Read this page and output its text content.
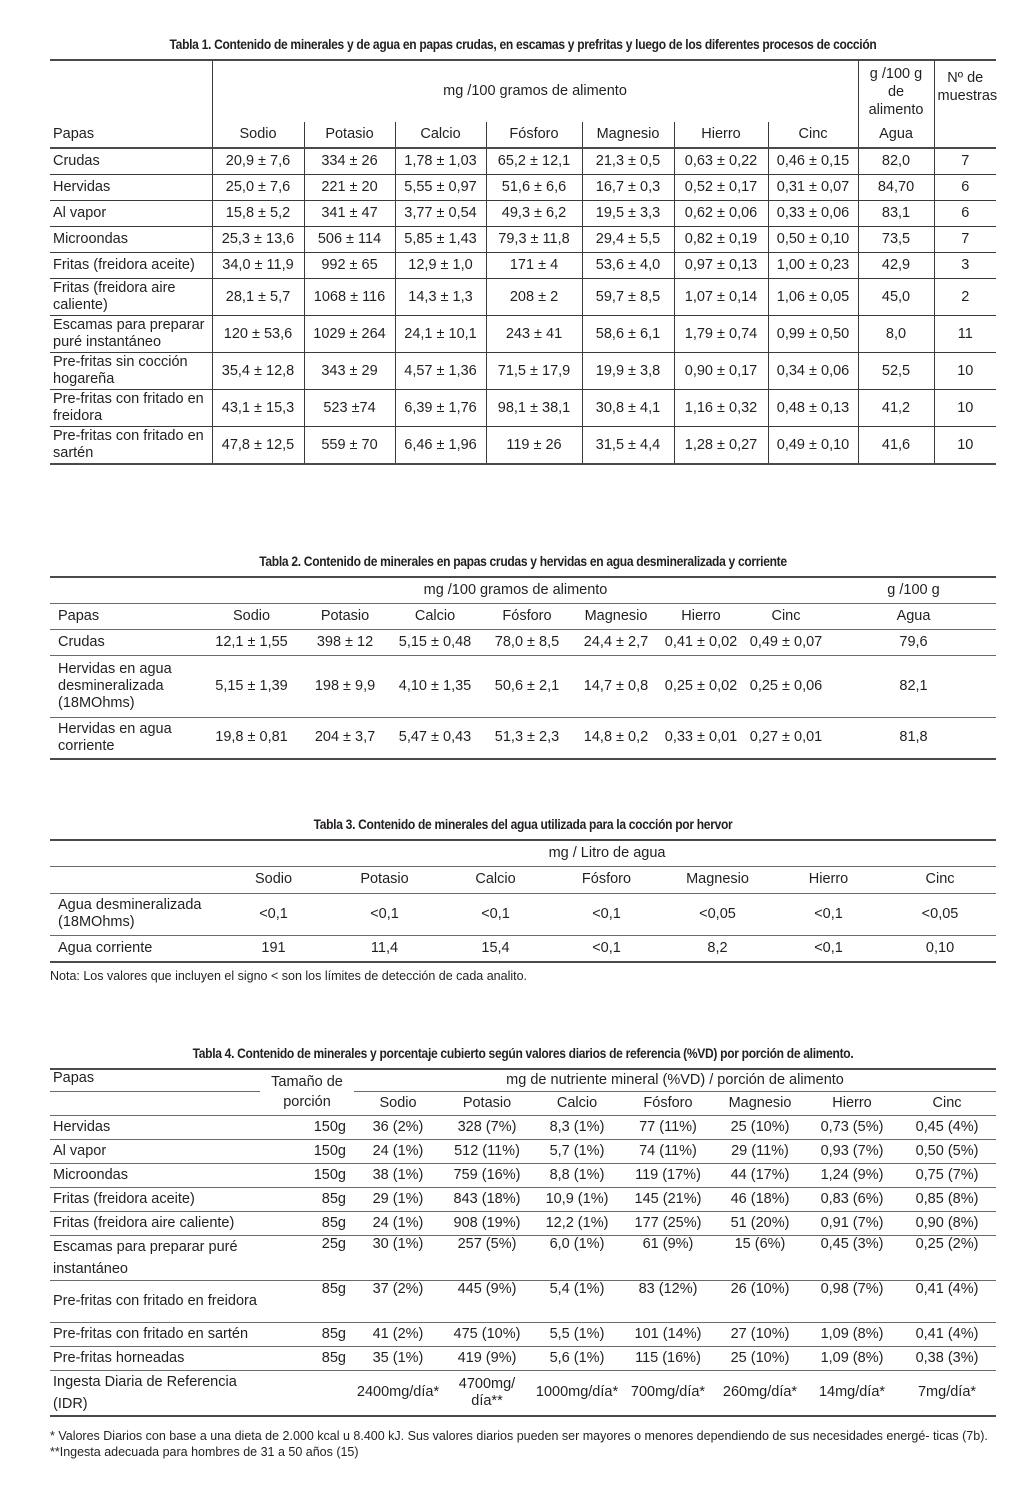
Tabla 1. Contenido de minerales y de agua en papas crudas, en escamas y prefritas y luego de los diferentes procesos de cocción
	mg /100 gramos de alimento							g /100 g de alimento	Nº de muestras
Papas	Sodio	Potasio	Calcio	Fósforo	Magnesio	Hierro	Cinc	Agua	
Crudas	20,9 ± 7,6	334 ± 26	1,78 ± 1,03	65,2 ± 12,1	21,3 ± 0,5	0,63 ± 0,22	0,46 ± 0,15	82,0	7
Hervidas	25,0 ± 7,6	221 ± 20	5,55 ± 0,97	51,6 ± 6,6	16,7 ± 0,3	0,52 ± 0,17	0,31 ± 0,07	84,70	6
Al vapor	15,8 ± 5,2	341 ± 47	3,77 ± 0,54	49,3 ± 6,2	19,5 ± 3,3	0,62 ± 0,06	0,33 ± 0,06	83,1	6
Microondas	25,3 ± 13,6	506 ± 114	5,85 ± 1,43	79,3 ± 11,8	29,4 ± 5,5	0,82 ± 0,19	0,50 ± 0,10	73,5	7
Fritas (freidora aceite)	34,0 ± 11,9	992 ± 65	12,9 ± 1,0	171 ± 4	53,6 ± 4,0	0,97 ± 0,13	1,00 ± 0,23	42,9	3
Fritas (freidora aire caliente)	28,1 ± 5,7	1068 ± 116	14,3 ± 1,3	208 ± 2	59,7 ± 8,5	1,07 ± 0,14	1,06 ± 0,05	45,0	2
Escamas para preparar puré instantáneo	120 ± 53,6	1029 ± 264	24,1 ± 10,1	243 ± 41	58,6 ± 6,1	1,79 ± 0,74	0,99 ± 0,50	8,0	11
Pre-fritas sin cocción hogareña	35,4 ± 12,8	343 ± 29	4,57 ± 1,36	71,5 ± 17,9	19,9 ± 3,8	0,90 ± 0,17	0,34 ± 0,06	52,5	10
Pre-fritas con fritado en freidora	43,1 ± 15,3	523 ±74	6,39 ± 1,76	98,1 ± 38,1	30,8 ± 4,1	1,16 ± 0,32	0,48 ± 0,13	41,2	10
Pre-fritas con fritado en sartén	47,8 ± 12,5	559 ± 70	6,46 ± 1,96	119 ± 26	31,5 ± 4,4	1,28 ± 0,27	0,49 ± 0,10	41,6	10
Tabla 2. Contenido de minerales en papas crudas y hervidas en agua desmineralizada y corriente
	mg /100 gramos de alimento							g /100 g
Papas	Sodio	Potasio	Calcio	Fósforo	Magnesio	Hierro	Cinc	Agua
Crudas	12,1 ± 1,55	398 ± 12	5,15 ± 0,48	78,0 ± 8,5	24,4 ± 2,7	0,41 ± 0,02	0,49 ± 0,07	79,6
Hervidas en agua desmineralizada (18MOhms)	5,15 ± 1,39	198 ± 9,9	4,10 ± 1,35	50,6 ± 2,1	14,7 ± 0,8	0,25 ± 0,02	0,25 ± 0,06	82,1
Hervidas en agua corriente	19,8 ± 0,81	204 ± 3,7	5,47 ± 0,43	51,3 ± 2,3	14,8 ± 0,2	0,33 ± 0,01	0,27 ± 0,01	81,8
Tabla 3. Contenido de minerales del agua utilizada para la cocción por hervor
	mg / Litro de agua						
	Sodio	Potasio	Calcio	Fósforo	Magnesio	Hierro	Cinc
Agua desmineralizada (18MOhms)	<0,1	<0,1	<0,1	<0,1	<0,05	<0,1	<0,05
Agua corriente	191	11,4	15,4	<0,1	8,2	<0,1	0,10
Nota: Los valores que incluyen el signo < son los límites de detección de cada analito.
Tabla 4. Contenido de minerales y porcentaje cubierto según valores diarios de referencia (%VD) por porción de alimento.
Papas	Tamaño de	mg de nutriente mineral (%VD) / porción de alimento						
	porción	Sodio	Potasio	Calcio	Fósforo	Magnesio	Hierro	Cinc
Hervidas	150g	36 (2%)	328 (7%)	8,3 (1%)	77 (11%)	25 (10%)	0,73 (5%)	0,45 (4%)
Al vapor	150g	24 (1%)	512 (11%)	5,7 (1%)	74 (11%)	29 (11%)	0,93 (7%)	0,50 (5%)
Microondas	150g	38 (1%)	759 (16%)	8,8 (1%)	119 (17%)	44 (17%)	1,24 (9%)	0,75 (7%)
Fritas (freidora aceite)	85g	29 (1%)	843 (18%)	10,9 (1%)	145 (21%)	46 (18%)	0,83 (6%)	0,85 (8%)
Fritas (freidora aire caliente)	85g	24 (1%)	908 (19%)	12,2 (1%)	177 (25%)	51 (20%)	0,91 (7%)	0,90 (8%)
Escamas para preparar puré instantáneo	25g	30 (1%)	257 (5%)	6,0 (1%)	61 (9%)	15 (6%)	0,45 (3%)	0,25 (2%)
Pre-fritas con fritado en freidora	85g	37 (2%)	445 (9%)	5,4 (1%)	83 (12%)	26 (10%)	0,98 (7%)	0,41 (4%)
Pre-fritas con fritado en sartén	85g	41 (2%)	475 (10%)	5,5 (1%)	101 (14%)	27 (10%)	1,09 (8%)	0,41 (4%)
Pre-fritas horneadas	85g	35 (1%)	419 (9%)	5,6 (1%)	115 (16%)	25 (10%)	1,09 (8%)	0,38 (3%)
Ingesta Diaria de Referencia (IDR)		2400mg/día*	4700mg/ día**	1000mg/día*	700mg/día*	260mg/día*	14mg/día*	7mg/día*
* Valores Diarios con base a una dieta de 2.000 kcal u 8.400 kJ. Sus valores diarios pueden ser mayores o menores dependiendo de sus necesidades energé- ticas (7b). **Ingesta adecuada para hombres de 31 a 50 años (15)
